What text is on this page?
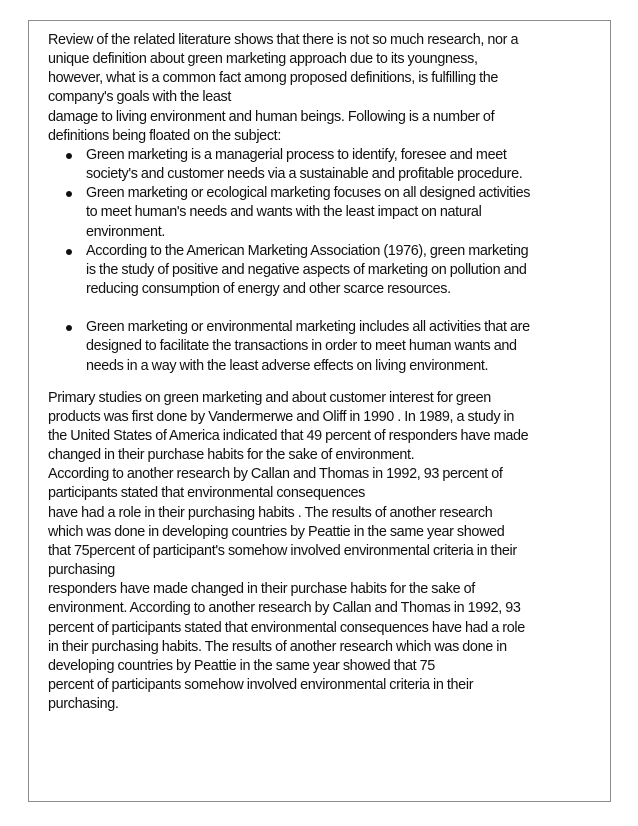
Review of the related literature shows that there is not so much research, nor a
unique definition about green marketing approach due to its youngness,
however, what is a common fact among proposed definitions, is fulfilling the
company's goals with the least
damage to living environment and human beings. Following is a number of
definitions being floated on the subject:
Green marketing is a managerial process to identify, foresee and meet
society's and customer needs via a sustainable and profitable procedure.
Green marketing or ecological marketing focuses on all designed activities
to meet human's needs and wants with the least impact on natural
environment.
According to the American Marketing Association (1976), green marketing
is the study of positive and negative aspects of marketing on pollution and
reducing consumption of energy and other scarce resources.
Green marketing or environmental marketing includes all activities that are
designed to facilitate the transactions in order to meet human wants and
needs in a way with the least adverse effects on living environment.
Primary studies on green marketing and about customer interest for green
products was first done by Vandermerwe and Oliff in 1990 . In 1989, a study in
the United States of America indicated that 49 percent of responders have made
changed in their purchase habits for the sake of environment.
According to another research by Callan and Thomas in 1992, 93 percent of
participants stated that environmental consequences
have had a role in their purchasing habits . The results of another research
which was done in developing countries by Peattie in the same year showed
that 75percent of participant's somehow involved environmental criteria in their
purchasing
responders have made changed in their purchase habits for the sake of
environment. According to another research by Callan and Thomas in 1992, 93
percent of participants stated that environmental consequences have had a role
in their purchasing habits. The results of another research which was done in
developing countries by Peattie in the same year showed that 75
percent of participants somehow involved environmental criteria in their
purchasing.
